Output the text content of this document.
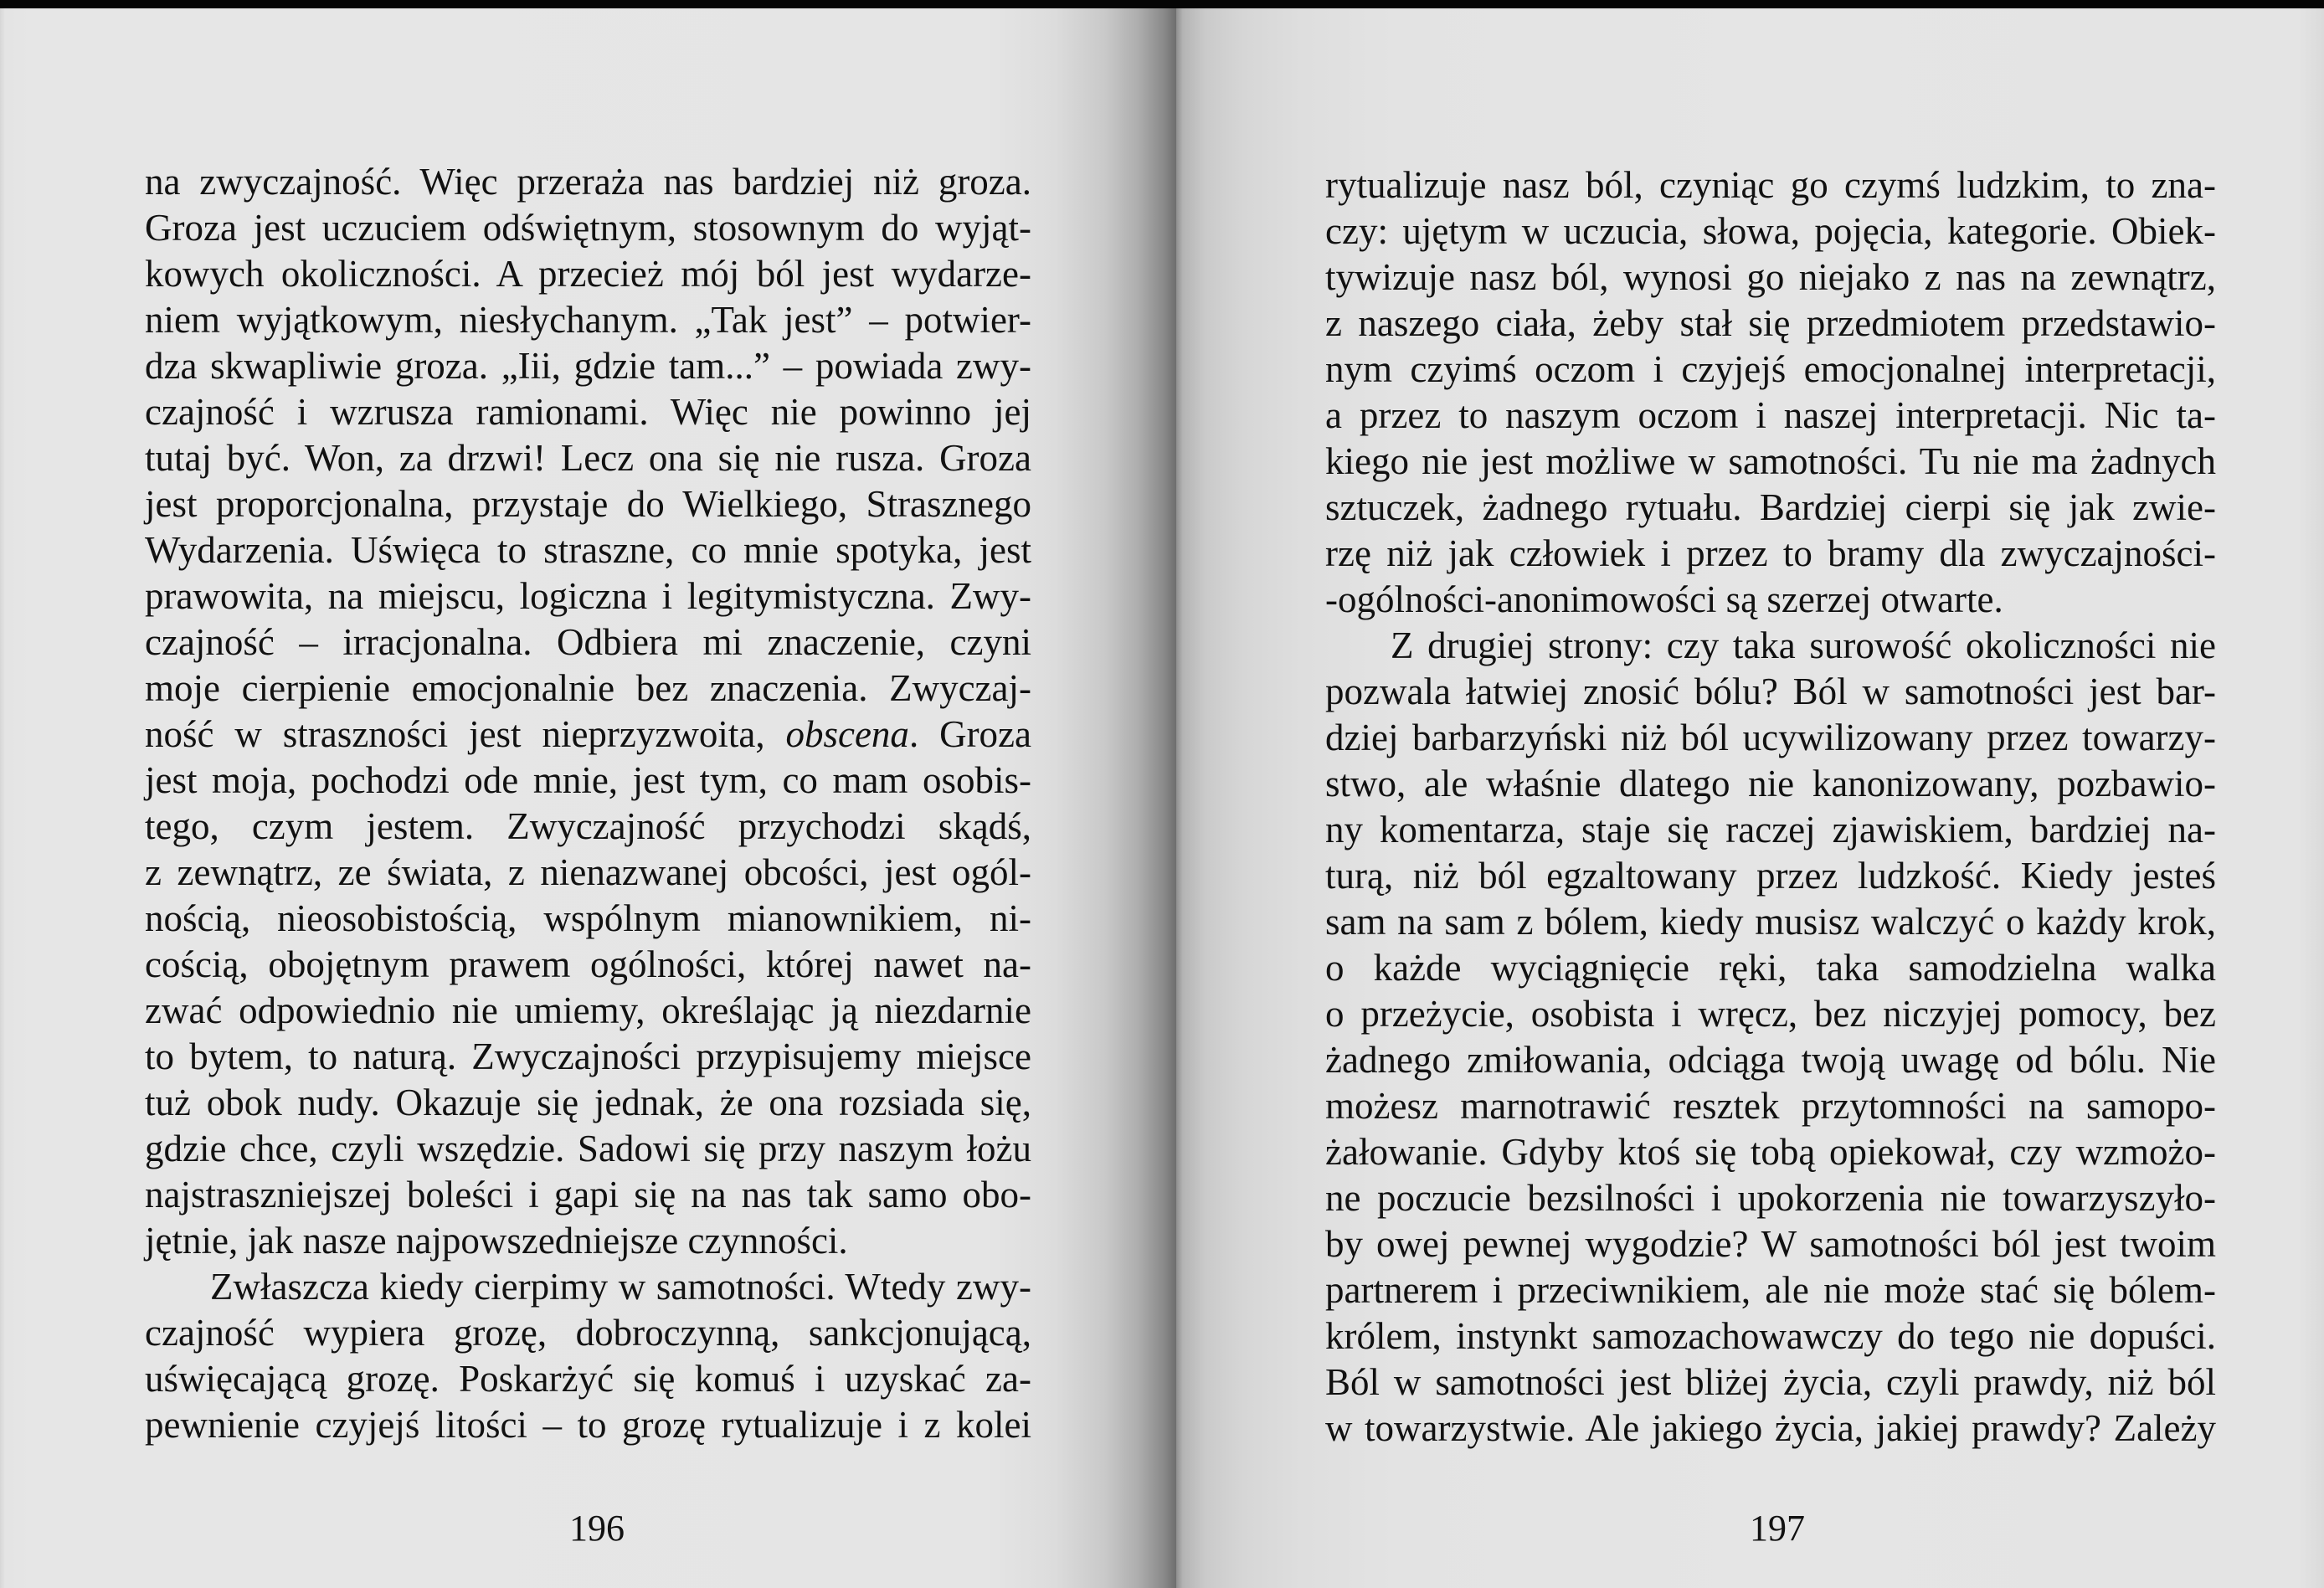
na zwyczajność. Więc przeraża nas bardziej niż groza.
Groza jest uczuciem odświętnym, stosownym do wyjąt-
kowych okoliczności. A przecież mój ból jest wydarze-
niem wyjątkowym, niesłychanym. „Tak jest” – potwier-
dza skwapliwie groza. „Iii, gdzie tam...” – powiada zwy-
czajność i wzrusza ramionami. Więc nie powinno jej
tutaj być. Won, za drzwi! Lecz ona się nie rusza. Groza
jest proporcjonalna, przystaje do Wielkiego, Strasznego
Wydarzenia. Uświęca to straszne, co mnie spotyka, jest
prawowita, na miejscu, logiczna i legitymistyczna. Zwy-
czajność – irracjonalna. Odbiera mi znaczenie, czyni
moje cierpienie emocjonalnie bez znaczenia. Zwyczaj-
ność w straszności jest nieprzyzwoita, obscena. Groza
jest moja, pochodzi ode mnie, jest tym, co mam osobis-
tego, czym jestem. Zwyczajność przychodzi skądś,
z zewnątrz, ze świata, z nienazwanej obcości, jest ogól-
nością, nieosobistością, wspólnym mianownikiem, ni-
cością, obojętnym prawem ogólności, której nawet na-
zwać odpowiednio nie umiemy, określając ją niezdarnie
to bytem, to naturą. Zwyczajności przypisujemy miejsce
tuż obok nudy. Okazuje się jednak, że ona rozsiada się,
gdzie chce, czyli wszędzie. Sadowi się przy naszym łożu
najstraszniejszej boleści i gapi się na nas tak samo obo-
jętnie, jak nasze najpowszedniejsze czynności.
Zwłaszcza kiedy cierpimy w samotności. Wtedy zwy-
czajność wypiera grozę, dobroczynną, sankcjonującą,
uświęcającą grozę. Poskarżyć się komuś i uzyskać za-
pewnienie czyjejś litości – to grozę rytualizuje i z kolei
196
rytualizuje nasz ból, czyniąc go czymś ludzkim, to zna-
czy: ujętym w uczucia, słowa, pojęcia, kategorie. Obiek-
tywizuje nasz ból, wynosi go niejako z nas na zewnątrz,
z naszego ciała, żeby stał się przedmiotem przedstawio-
nym czyimś oczom i czyjejś emocjonalnej interpretacji,
a przez to naszym oczom i naszej interpretacji. Nic ta-
kiego nie jest możliwe w samotności. Tu nie ma żadnych
sztuczek, żadnego rytuału. Bardziej cierpi się jak zwie-
rzę niż jak człowiek i przez to bramy dla zwyczajności-
-ogólności-anonimowości są szerzej otwarte.
Z drugiej strony: czy taka surowość okoliczności nie
pozwala łatwiej znosić bólu? Ból w samotności jest bar-
dziej barbarzyński niż ból ucywilizowany przez towarzy-
stwo, ale właśnie dlatego nie kanonizowany, pozbawio-
ny komentarza, staje się raczej zjawiskiem, bardziej na-
turą, niż ból egzaltowany przez ludzkość. Kiedy jesteś
sam na sam z bólem, kiedy musisz walczyć o każdy krok,
o każde wyciągnięcie ręki, taka samodzielna walka
o przeżycie, osobista i wręcz, bez niczyjej pomocy, bez
żadnego zmiłowania, odciąga twoją uwagę od bólu. Nie
możesz marnotrawić resztek przytomności na samopo-
żałowanie. Gdyby ktoś się tobą opiekował, czy wzmożo-
ne poczucie bezsilności i upokorzenia nie towarzyszyło-
by owej pewnej wygodzie? W samotności ból jest twoim
partnerem i przeciwnikiem, ale nie może stać się bólem-
królem, instynkt samozachowawczy do tego nie dopuści.
Ból w samotności jest bliżej życia, czyli prawdy, niż ból
w towarzystwie. Ale jakiego życia, jakiej prawdy? Zależy
197
